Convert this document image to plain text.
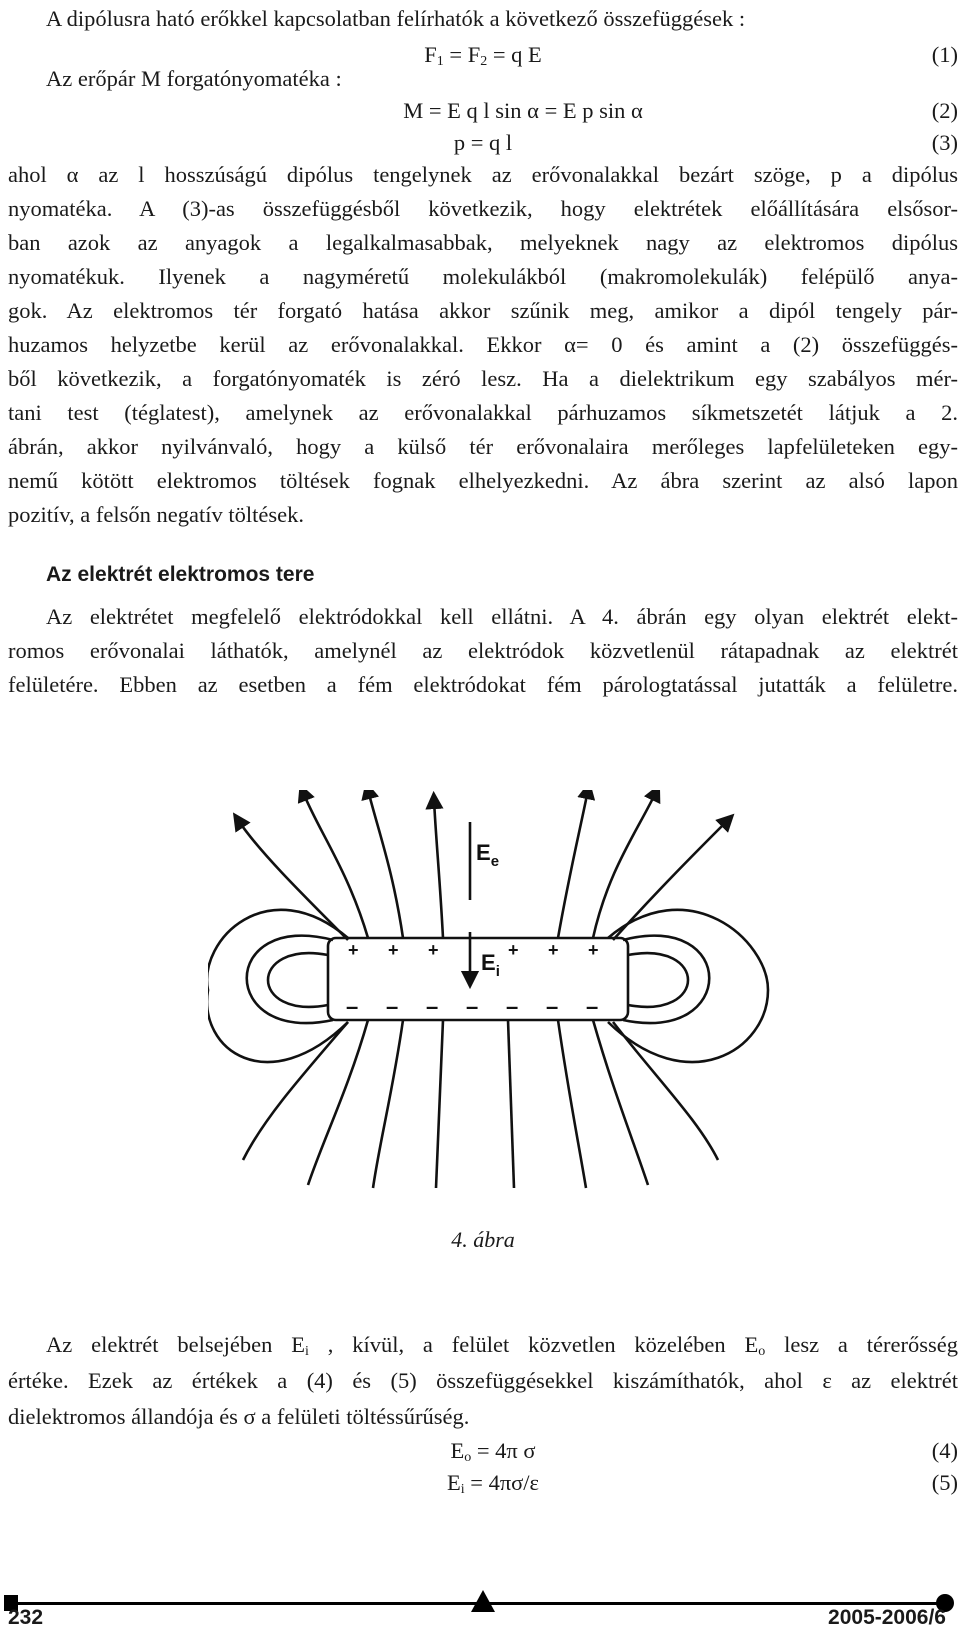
A dipólusra ható erőkkel kapcsolatban felírhatók a következő összefüggések :

$F_1 = F_2 = q$ E	(1)

Az erőpár M forgatónyomatéka :

M = E q l sin α = E p sin α	(2)
p = q l	(3)

ahol α az l hosszúságú dipólus tengelynek az erővonalakkal bezárt szöge, p a dipólus

nyomatéka. A (3)-as összefüggésből következik, hogy elektrétek előállítására elsősor-

ban azok az anyagok a legalkalmasabbak, melyeknek nagy az elektromos dipólus

nyomatékuk. Ilyenek a nagyméretű molekulákból (makromolekulák) felépülő anya-

gok. Az elektromos tér forgató hatása akkor szűnik meg, amikor a dipól tengely pár-

huzamos helyzetbe kerül az erővonalakkal. Ekkor α= 0 és amint a (2) összefüggés-

ből következik, a forgatónyomaték is zéró lesz. Ha a dielektrikum egy szabályos mér-

tani test (téglatest), amelynek az erővonalakkal párhuzamos síkmetszetét látjuk a 2.

ábrán, akkor nyilvánvaló, hogy a külső tér erővonalaira merőleges lapfelületeken egy-

nemű kötött elektromos töltések fognak elhelyezkedni. Az ábra szerint az alsó lapon

pozitív, a felsőn negatív töltések.

Az elektrét elektromos tere

Az elektrétet megfelelő elektródokkal kell ellátni. A 4. ábrán egy olyan elektrét elekt-

romos erővonalai láthatók, amelynél az elektródok közvetlenül rátapadnak az elektrét

felületére. Ebben az esetben a fém elektródokat fém párologtatással jutatták a felületre.

$E_e$
$E_i$
+ + +	+ + +
– – – – – – –
4. ábra

Az elektrét belsejében $E_i$ , kívül, a felület közvetlen közelében $E_o$ lesz a térerősség

értéke. Ezek az értékek a (4) és (5) összefüggésekkel kiszámíthatók, ahol ε az elektrét

dielektromos állandója és σ a felületi töltéssűrűség.

$E_o = 4\pi$ σ	(4)
$E_i = 4\pi\sigma/\varepsilon$	(5)
232	2005-2006/6
